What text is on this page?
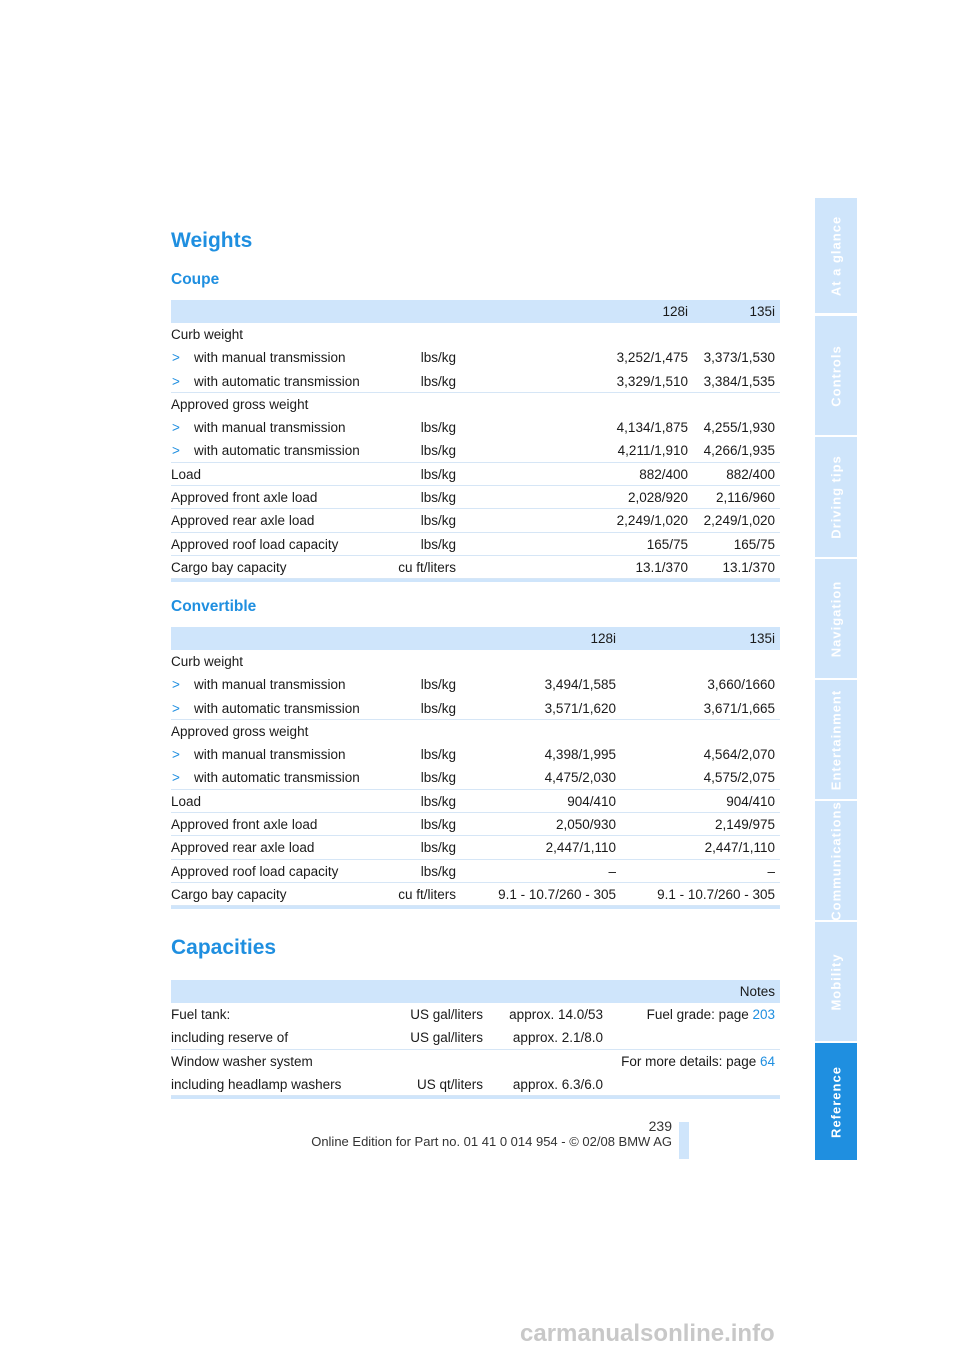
Weights
Coupe
128i	135i
Curb weight
> with manual transmission	lbs/kg	3,252/1,475 3,373/1,530
> with automatic transmission	lbs/kg	3,329/1,510 3,384/1,535
Approved gross weight
> with manual transmission	lbs/kg	4,134/1,875 4,255/1,930
> with automatic transmission	lbs/kg	4,211/1,910 4,266/1,935
Load	lbs/kg	882/400	882/400
Approved front axle load	lbs/kg	2,028/920 2,116/960
Approved rear axle load	lbs/kg	2,249/1,020 2,249/1,020
Approved roof load capacity	lbs/kg	165/75	165/75
Cargo bay capacity	cu ft/liters	13.1/370	13.1/370
Convertible
128i	135i
Curb weight
> with manual transmission	lbs/kg	3,494/1,585	3,660/1660
> with automatic transmission	lbs/kg	3,571/1,620	3,671/1,665
Approved gross weight
> with manual transmission	lbs/kg	4,398/1,995	4,564/2,070
> with automatic transmission	lbs/kg	4,475/2,030	4,575/2,075
Load	lbs/kg	904/410	904/410
Approved front axle load	lbs/kg	2,050/930	2,149/975
Approved rear axle load	lbs/kg	2,447/1,110	2,447/1,110
Approved roof load capacity	lbs/kg	–	–
Cargo bay capacity	cu ft/liters	9.1 - 10.7/260 - 305	9.1 - 10.7/260 - 305
Capacities
Notes
Fuel tank:	US gal/liters approx. 14.0/53	Fuel grade: page 203
including reserve of	US gal/liters approx. 2.1/8.0
Window washer system	For more details: page 64
including headlamp washers	US qt/liters approx. 6.3/6.0
At a glance
Controls
Driving tips
Navigation
Entertainment
Communications
Mobility
Reference
239
Online Edition for Part no. 01 41 0 014 954 - © 02/08 BMW AG
carmanualsonline.info
